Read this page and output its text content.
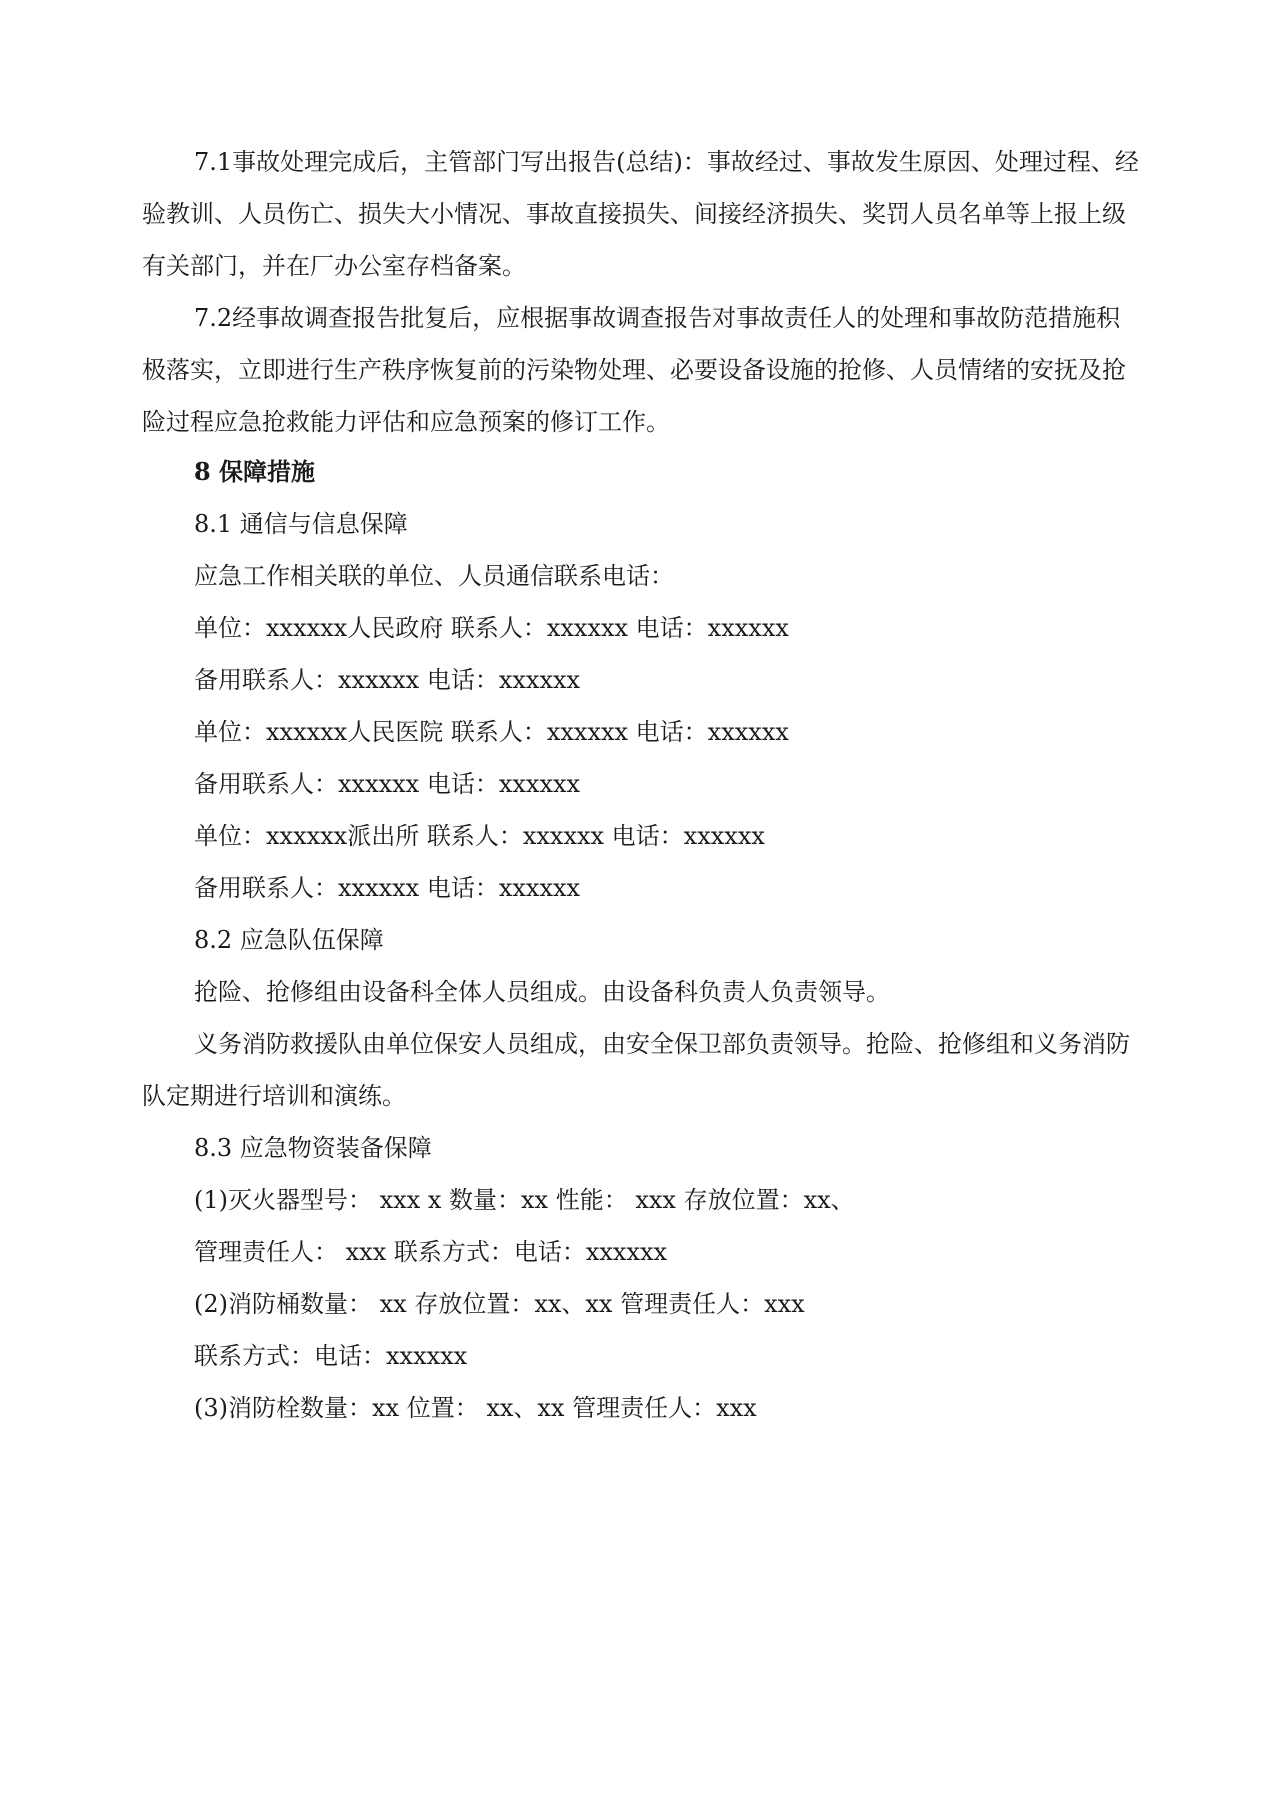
7.1事故处理完成后，主管部门写出报告(总结)：事故经过、事故发生原因、处理过程、经验教训、人员伤亡、损失大小情况、事故直接损失、间接经济损失、奖罚人员名单等上报上级有关部门，并在厂办公室存档备案。

7.2经事故调查报告批复后，应根据事故调查报告对事故责任人的处理和事故防范措施积极落实，立即进行生产秩序恢复前的污染物处理、必要设备设施的抢修、人员情绪的安抚及抢险过程应急抢救能力评估和应急预案的修订工作。

8 保障措施

8.1 通信与信息保障

应急工作相关联的单位、人员通信联系电话：

单位：xxxxxx人民政府 联系人：xxxxxx 电话：xxxxxx

备用联系人：xxxxxx 电话：xxxxxx

单位：xxxxxx人民医院 联系人：xxxxxx 电话：xxxxxx

备用联系人：xxxxxx 电话：xxxxxx

单位：xxxxxx派出所 联系人：xxxxxx 电话：xxxxxx

备用联系人：xxxxxx 电话：xxxxxx

8.2 应急队伍保障

抢险、抢修组由设备科全体人员组成。由设备科负责人负责领导。

义务消防救援队由单位保安人员组成，由安全保卫部负责领导。抢险、抢修组和义务消防队定期进行培训和演练。

8.3 应急物资装备保障

(1)灭火器型号： xxx x 数量：xx 性能： xxx 存放位置：xx、

管理责任人： xxx 联系方式：电话：xxxxxx

(2)消防桶数量： xx 存放位置：xx、xx 管理责任人：xxx

联系方式：电话：xxxxxx

(3)消防栓数量：xx 位置： xx、xx 管理责任人：xxx
